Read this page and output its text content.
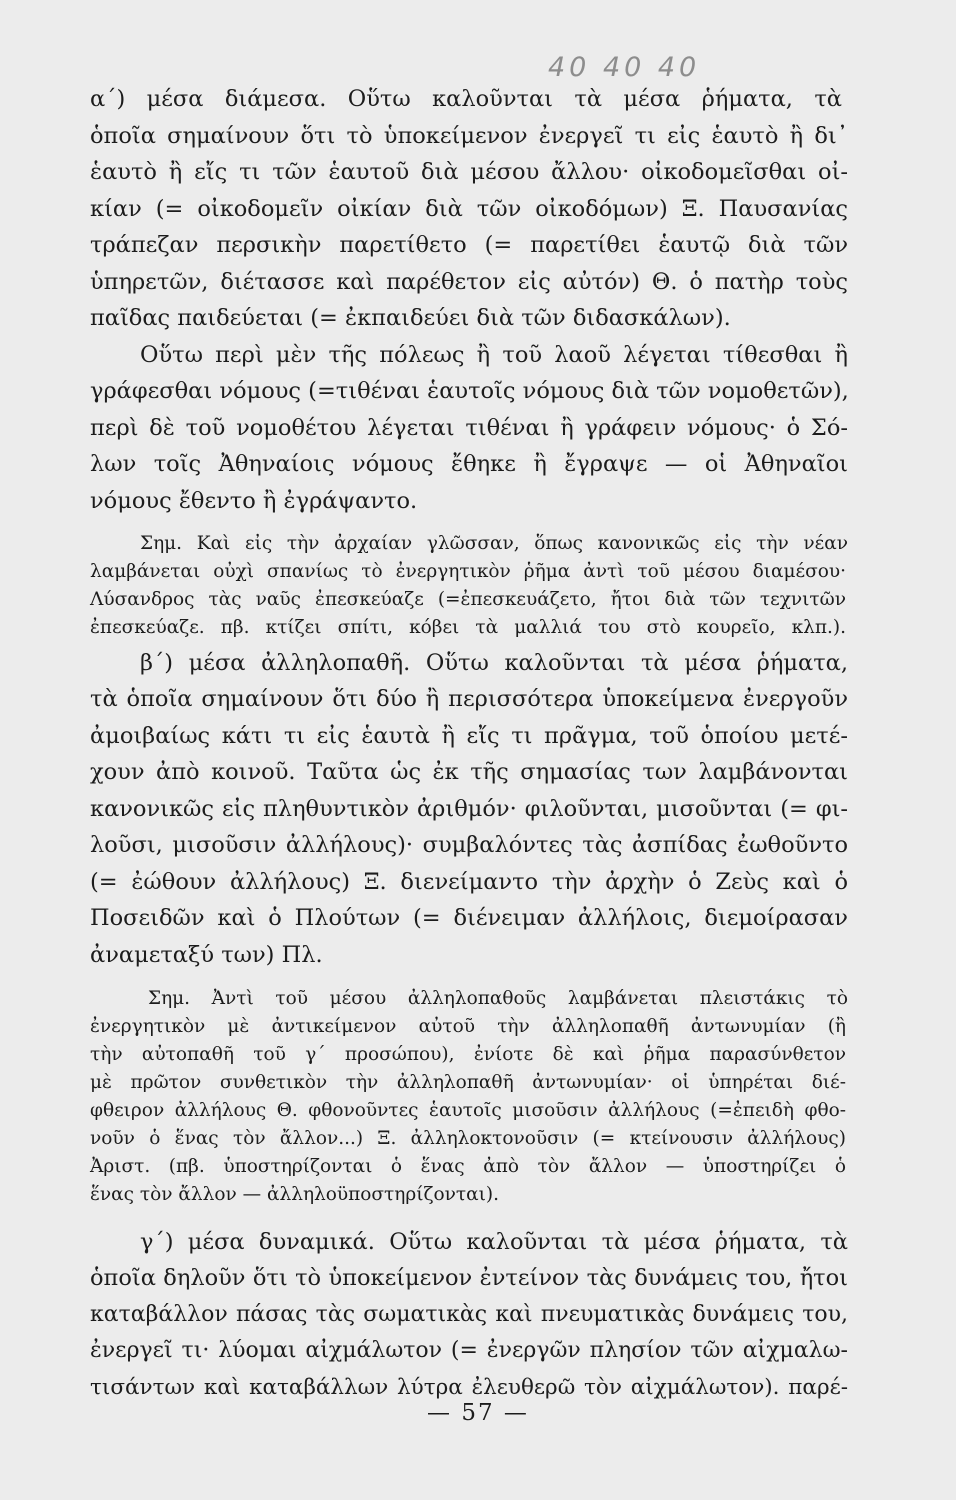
40 40 40

α΄) μέσα διάμεσα. Οὕτω καλοῦνται τὰ μέσα ῥήματα, τὰ

ὁποῖα σημαίνουν ὅτι τὸ ὑποκείμενον ἐνεργεῖ τι εἰς ἑαυτὸ ἢ δι᾿

ἑαυτὸ ἢ εἴς τι τῶν ἑαυτοῦ διὰ μέσου ἄλλου· οἰκοδομεῖσθαι οἰ-

κίαν (= οἰκοδομεῖν οἰκίαν διὰ τῶν οἰκοδόμων) Ξ. Παυσανίας

τράπεζαν περσικὴν παρετίθετο (= παρετίθει ἑαυτῷ διὰ τῶν

ὑπηρετῶν, διέτασσε καὶ παρέθετον εἰς αὐτόν) Θ. ὁ πατὴρ τοὺς

παῖδας παιδεύεται (= ἐκπαιδεύει διὰ τῶν διδασκάλων).

Οὕτω περὶ μὲν τῆς πόλεως ἢ τοῦ λαοῦ λέγεται τίθεσθαι ἢ

γράφεσθαι νόμους (=τιθέναι ἑαυτοῖς νόμους διὰ τῶν νομοθετῶν),

περὶ δὲ τοῦ νομοθέτου λέγεται τιθέναι ἢ γράφειν νόμους· ὁ Σό-

λων τοῖς Ἀθηναίοις νόμους ἔθηκε ἢ ἔγραψε — οἱ Ἀθηναῖοι

νόμους ἔθεντο ἢ ἐγράψαντο.

Σημ. Καὶ εἰς τὴν ἀρχαίαν γλῶσσαν, ὅπως κανονικῶς εἰς τὴν νέαν

λαμβάνεται οὐχὶ σπανίως τὸ ἐνεργητικὸν ῥῆμα ἀντὶ τοῦ μέσου διαμέσου·

Λύσανδρος τὰς ναῦς ἐπεσκεύαζε (=ἐπεσκευάζετο, ἤτοι διὰ τῶν τεχνιτῶν

ἐπεσκεύαζε. πβ. κτίζει σπίτι, κόβει τὰ μαλλιά του στὸ κουρεῖο, κλπ.).

β΄) μέσα ἀλληλοπαθῆ. Οὕτω καλοῦνται τὰ μέσα ῥήματα,

τὰ ὁποῖα σημαίνουν ὅτι δύο ἢ περισσότερα ὑποκείμενα ἐνεργοῦν

ἀμοιβαίως κάτι τι εἰς ἑαυτὰ ἢ εἴς τι πρᾶγμα, τοῦ ὁποίου μετέ-

χουν ἀπὸ κοινοῦ. Ταῦτα ὡς ἐκ τῆς σημασίας των λαμβάνονται

κανονικῶς εἰς πληθυντικὸν ἀριθμόν· φιλοῦνται, μισοῦνται (= φι-

λοῦσι, μισοῦσιν ἀλλήλους)· συμβαλόντες τὰς ἀσπίδας ἐωθοῦντο

(= ἐώθουν ἀλλήλους) Ξ. διενείμαντο τὴν ἀρχὴν ὁ Ζεὺς καὶ ὁ

Ποσειδῶν καὶ ὁ Πλούτων (= διένειμαν ἀλλήλοις, διεμοίρασαν

ἀναμεταξύ των) Πλ.

Σημ. Ἀντὶ τοῦ μέσου ἀλληλοπαθοῦς λαμβάνεται πλειστάκις τὸ

ἐνεργητικὸν μὲ ἀντικείμενον αὐτοῦ τὴν ἀλληλοπαθῆ ἀντωνυμίαν (ἢ

τὴν αὐτοπαθῆ τοῦ γ΄ προσώπου), ἐνίοτε δὲ καὶ ῥῆμα παρασύνθετον

μὲ πρῶτον συνθετικὸν τὴν ἀλληλοπαθῆ ἀντωνυμίαν· οἱ ὑπηρέται διέ-

φθειρον ἀλλήλους Θ. φθονοῦντες ἑαυτοῖς μισοῦσιν ἀλλήλους (=ἐπειδὴ φθο-

νοῦν ὁ ἕνας τὸν ἄλλον...) Ξ. ἀλληλοκτονοῦσιν (= κτείνουσιν ἀλλήλους)

Ἀριστ. (πβ. ὑποστηρίζονται ὁ ἕνας ἀπὸ τὸν ἄλλον — ὑποστηρίζει ὁ

ἕνας τὸν ἄλλον — ἀλληλοϋποστηρίζονται).

γ΄) μέσα δυναμικά. Οὕτω καλοῦνται τὰ μέσα ῥήματα, τὰ

ὁποῖα δηλοῦν ὅτι τὸ ὑποκείμενον ἐντείνον τὰς δυνάμεις του, ἤτοι

καταβάλλον πάσας τὰς σωματικὰς καὶ πνευματικὰς δυνάμεις του,

ἐνεργεῖ τι· λύομαι αἰχμάλωτον (= ἐνεργῶν πλησίον τῶν αἰχμαλω-

τισάντων καὶ καταβάλλων λύτρα ἐλευθερῶ τὸν αἰχμάλωτον). παρέ-

— 57 —
